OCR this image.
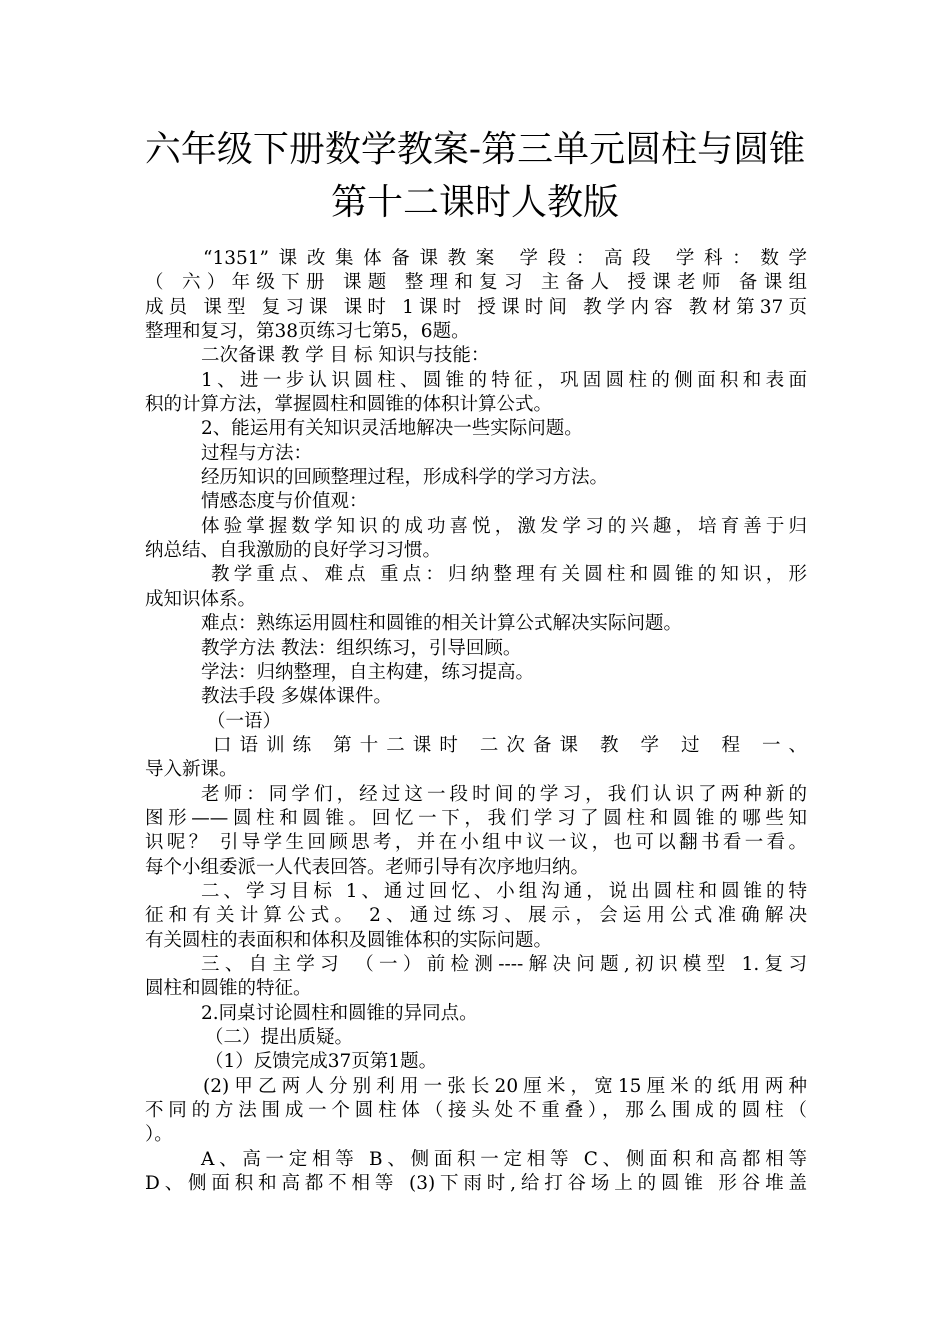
六年级下册数学教案-第三单元圆柱与圆锥
第十二课时人教版
“1351”课改集体备课教案 学段：高段 学科：数学
（ 六）年级下册 课题 整理和复习 主备人 授课老师 备课组
成员 课型 复习课 课时 1课时 授课时间 教学内容 教材第37页
整理和复习，第38页练习七第5，6题。
二次备课 教 学 目 标 知识与技能：
1、进一步认识圆柱、圆锥的特征，巩固圆柱的侧面积和表面
积的计算方法，掌握圆柱和圆锥的体积计算公式。
2、能运用有关知识灵活地解决一些实际问题。
过程与方法：
经历知识的回顾整理过程，形成科学的学习方法。
情感态度与价值观：
体验掌握数学知识的成功喜悦，激发学习的兴趣，培育善于归
纳总结、自我激励的良好学习习惯。
教学重点、难点 重点：归纳整理有关圆柱和圆锥的知识，形
成知识体系。
难点：熟练运用圆柱和圆锥的相关计算公式解决实际问题。
教学方法 教法：组织练习，引导回顾。
学法：归纳整理，自主构建，练习提高。
教法手段 多媒体课件。
（一语）
口语训练 第十二课时 二次备课 教 学 过 程 一、
导入新课。
老师：同学们，经过这一段时间的学习，我们认识了两种新的
图形——圆柱和圆锥。回忆一下，我们学习了圆柱和圆锥的哪些知
识呢？ 引导学生回顾思考，并在小组中议一议，也可以翻书看一看。
每个小组委派一人代表回答。老师引导有次序地归纳。
二、学习目标 1、通过回忆、小组沟通，说出圆柱和圆锥的特
征和有关计算公式。 2、通过练习、展示，会运用公式准确解决
有关圆柱的表面积和体积及圆锥体积的实际问题。
三、自主学习 （一）前检测----解决问题,初识模型 1.复习
圆柱和圆锥的特征。
2.同桌讨论圆柱和圆锥的异同点。
（二）提出质疑。
（1）反馈完成37页第1题。
(2)甲乙两人分别利用一张长20厘米，宽15厘米的纸用两种
不同的方法围成一个圆柱体（接头处不重叠），那么围成的圆柱（
）。
A、高一定相等 B、侧面积一定相等 C、侧面积和高都相等
D、侧面积和高都不相等 (3)下雨时,给打谷场上的圆锥 形谷堆盖
